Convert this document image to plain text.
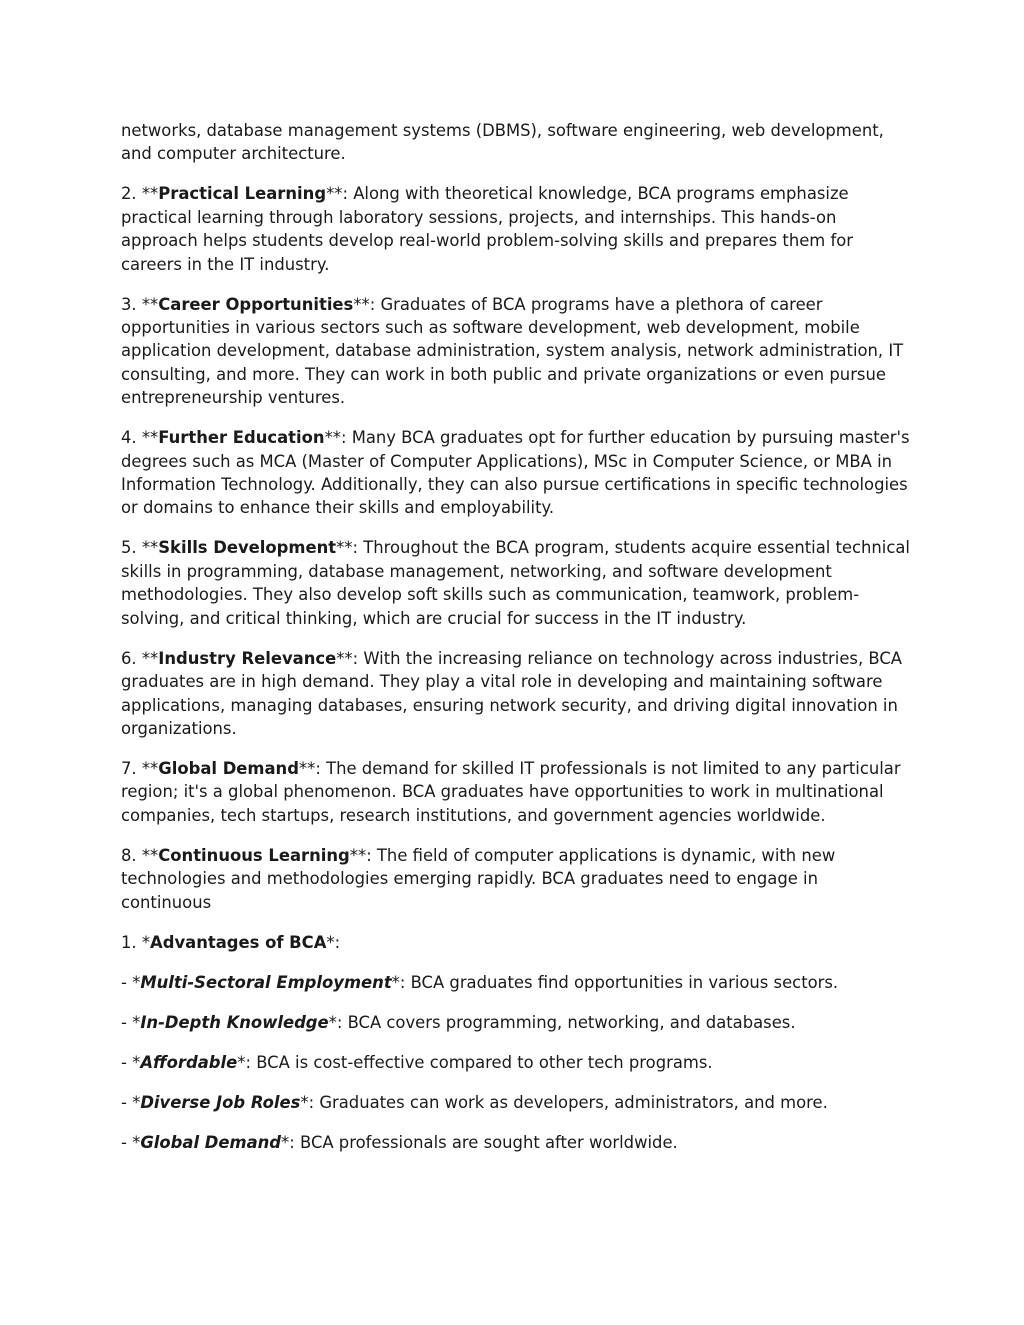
networks, database management systems (DBMS), software engineering, web development, and computer architecture.

2. **Practical Learning**: Along with theoretical knowledge, BCA programs emphasize practical learning through laboratory sessions, projects, and internships. This hands-on approach helps students develop real-world problem-solving skills and prepares them for careers in the IT industry.

3. **Career Opportunities**: Graduates of BCA programs have a plethora of career opportunities in various sectors such as software development, web development, mobile application development, database administration, system analysis, network administration, IT consulting, and more. They can work in both public and private organizations or even pursue entrepreneurship ventures.

4. **Further Education**: Many BCA graduates opt for further education by pursuing master's degrees such as MCA (Master of Computer Applications), MSc in Computer Science, or MBA in Information Technology. Additionally, they can also pursue certifications in specific technologies or domains to enhance their skills and employability.

5. **Skills Development**: Throughout the BCA program, students acquire essential technical skills in programming, database management, networking, and software development methodologies. They also develop soft skills such as communication, teamwork, problem-solving, and critical thinking, which are crucial for success in the IT industry.

6. **Industry Relevance**: With the increasing reliance on technology across industries, BCA graduates are in high demand. They play a vital role in developing and maintaining software applications, managing databases, ensuring network security, and driving digital innovation in organizations.

7. **Global Demand**: The demand for skilled IT professionals is not limited to any particular region; it's a global phenomenon. BCA graduates have opportunities to work in multinational companies, tech startups, research institutions, and government agencies worldwide.

8. **Continuous Learning**: The field of computer applications is dynamic, with new technologies and methodologies emerging rapidly. BCA graduates need to engage in continuous

1. *Advantages of BCA*:

- *Multi-Sectoral Employment*: BCA graduates find opportunities in various sectors.

- *In-Depth Knowledge*: BCA covers programming, networking, and databases.

- *Affordable*: BCA is cost-effective compared to other tech programs.

- *Diverse Job Roles*: Graduates can work as developers, administrators, and more.

- *Global Demand*: BCA professionals are sought after worldwide.
